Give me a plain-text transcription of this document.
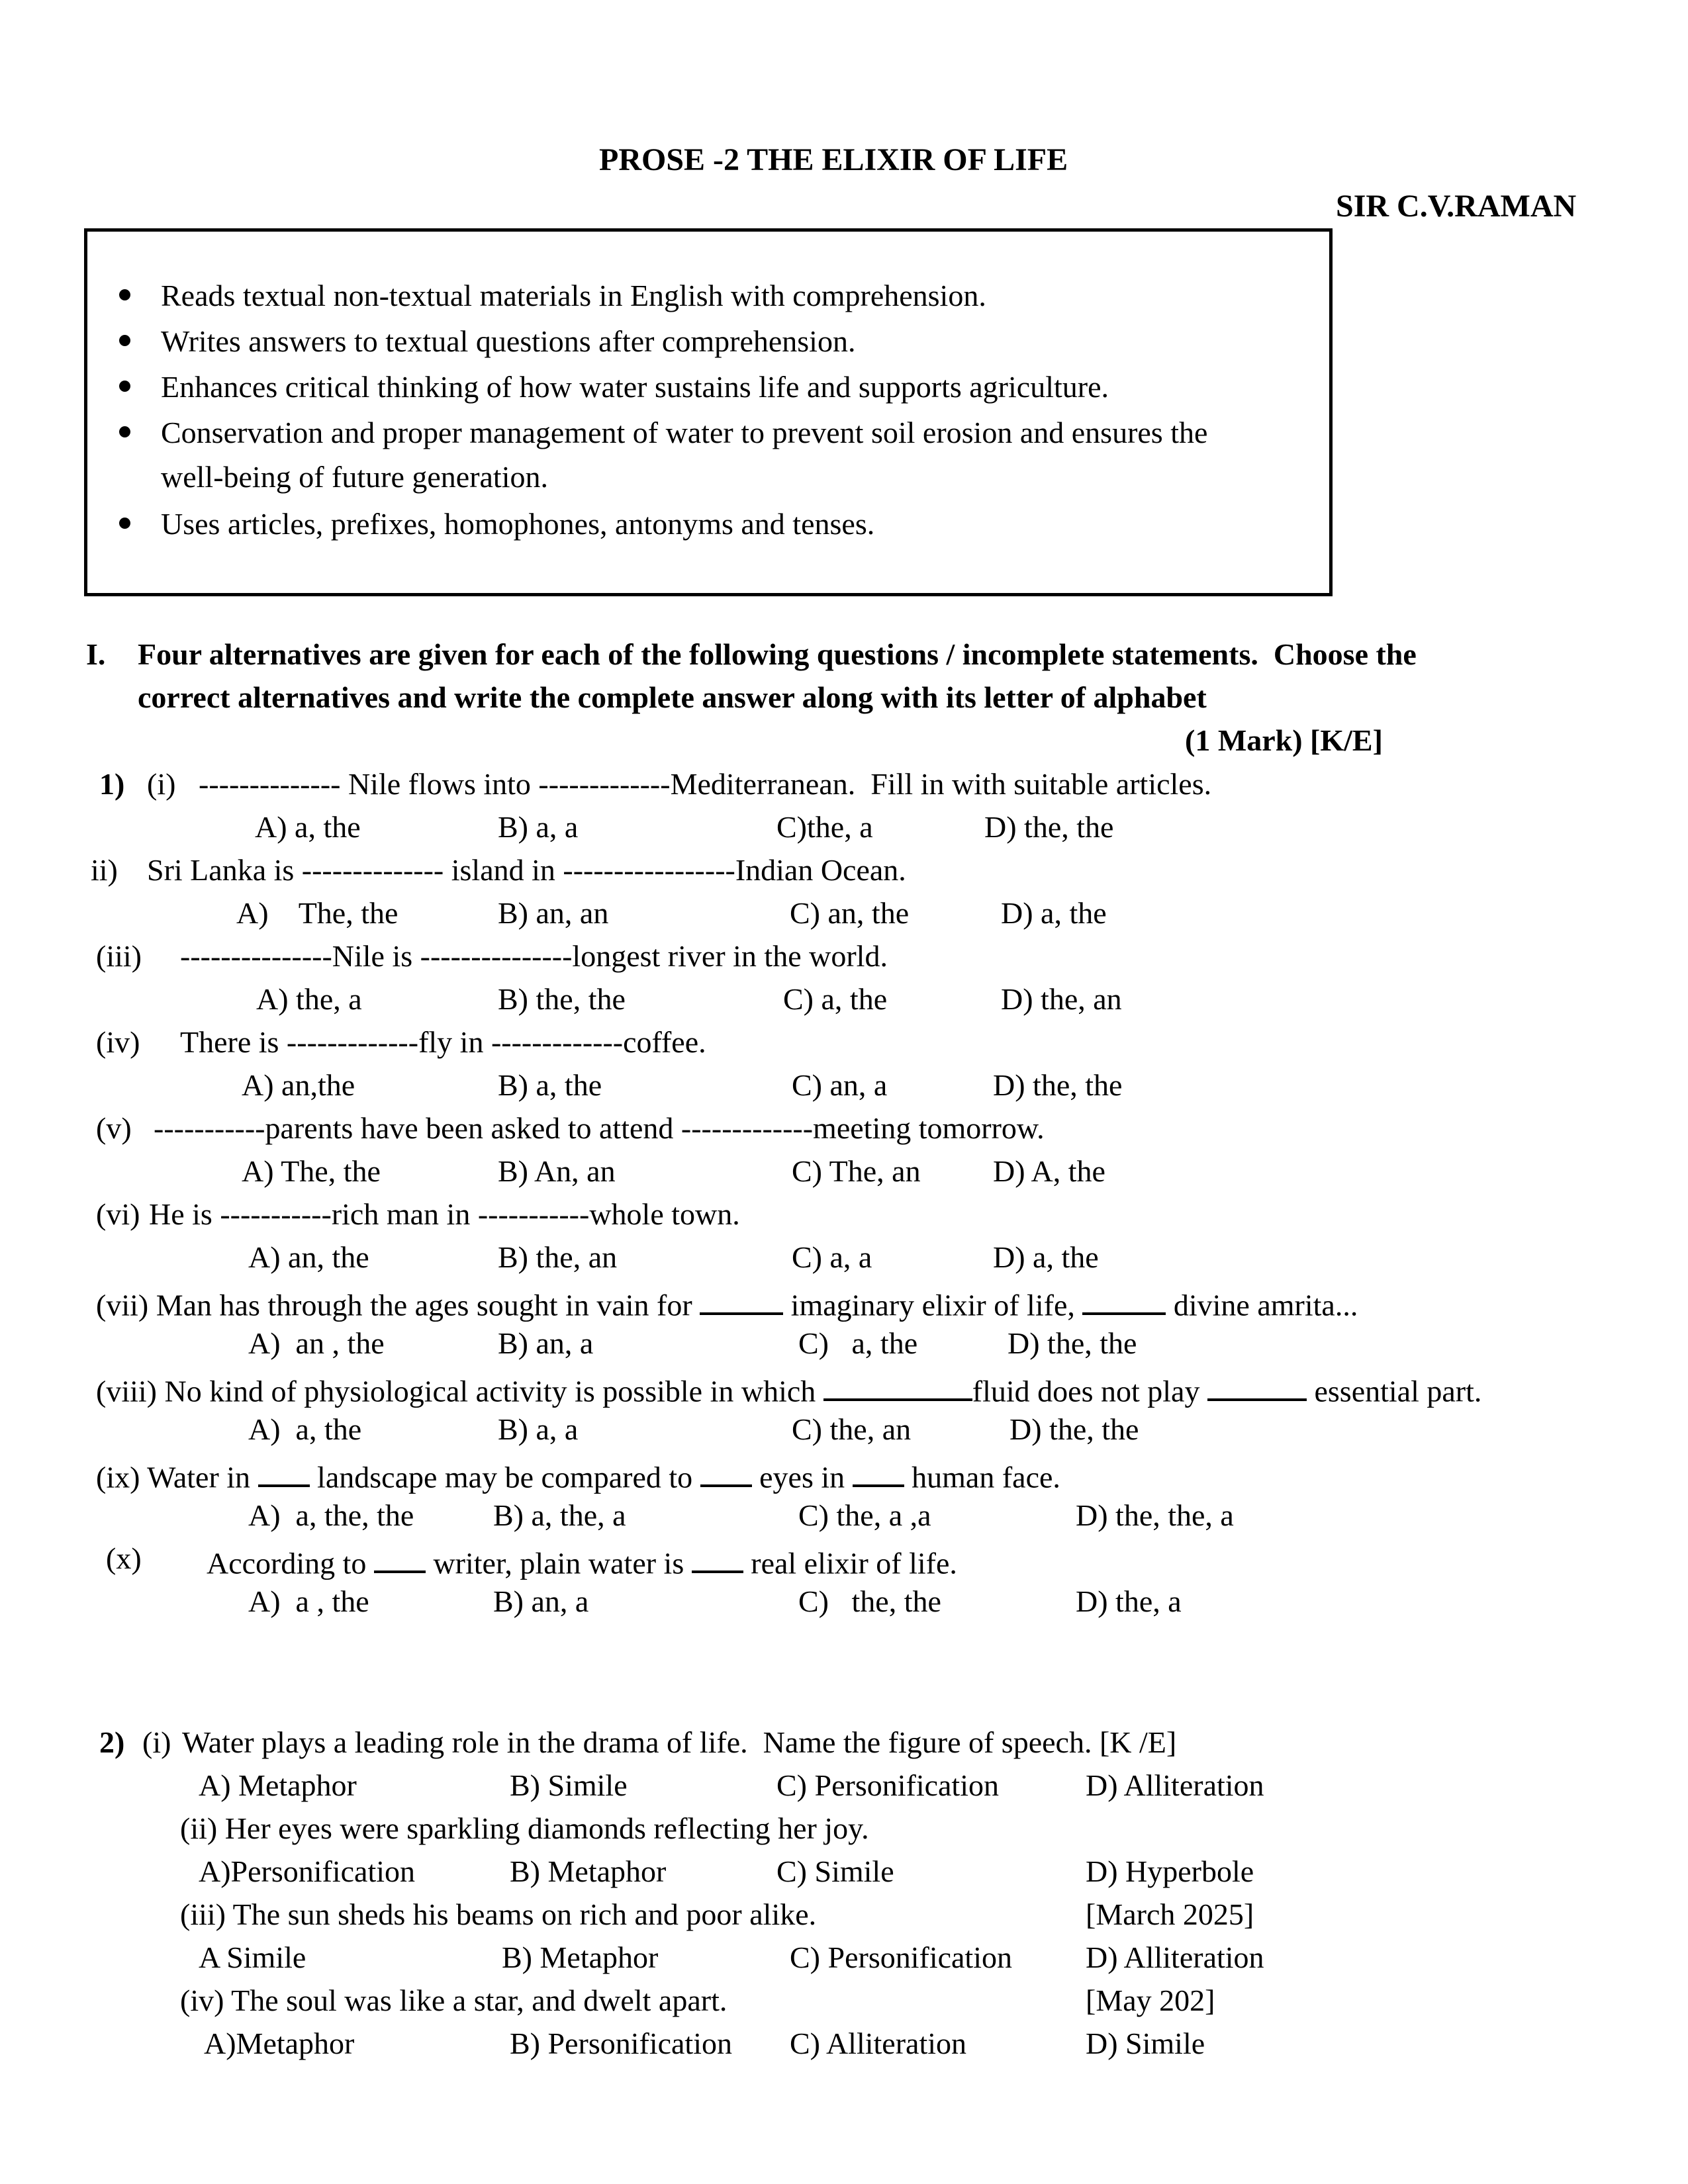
PROSE -2 THE ELIXIR OF LIFE
SIR C.V.RAMAN
Reads textual non-textual materials in English with comprehension.
Writes answers to textual questions after comprehension.
Enhances critical thinking of how water sustains life and supports agriculture.
Conservation and proper management of water to prevent soil erosion and ensures the
well-being of future generation.
Uses articles, prefixes, homophones, antonyms and tenses.
I. Four alternatives are given for each of the following questions / incomplete statements.  Choose the
correct alternatives and write the complete answer along with its letter of alphabet
(1 Mark) [K/E]
1) (i) -------------- Nile flows into -------------Mediterranean.  Fill in with suitable articles.
A) a, the	B) a, a	C)the, a	D) the, the
ii) Sri Lanka is -------------- island in -----------------Indian Ocean.
A)    The, the	B) an, an	C) an, the	D) a, the
(iii) ---------------Nile is ---------------longest river in the world.
A) the, a	B) the, the	C) a, the	D) the, an
(iv) There is -------------fly in -------------coffee.
A) an,the	B) a, the	C) an, a	D) the, the
(v) -----------parents have been asked to attend -------------meeting tomorrow.
A) The, the	B) An, an	C) The, an D) A, the
(vi) He is -----------rich man in -----------whole town.
A) an, the	B) the, an	C) a, a	D) a, the
(vii) Man has through the ages sought in vain for	imaginary elixir of life,	divine amrita...
A)  an , the	B) an, a	C)   a, the	D) the, the
(viii) No kind of physiological activity is possible in which	fluid does not play	essential part.
A)  a, the	B) a, a	C) the, an	D) the, the
(ix) Water in  landscape may be compared to  eyes in  human face.
A)  a, the, the	B) a, the, a	C) the, a ,a	D) the, the, a
(x) According to  writer, plain water is  real elixir of life.
A)  a , the	B) an, a	C)   the, the	D) the, a
2) (i) Water plays a leading role in the drama of life.  Name the figure of speech. [K /E]
A) Metaphor	B) Simile	C) Personification	D) Alliteration
(ii) Her eyes were sparkling diamonds reflecting her joy.
A)Personification	B) Metaphor	C) Simile	D) Hyperbole
(iii) The sun sheds his beams on rich and poor alike.	[March 2025]
A Simile	B) Metaphor	C) Personification D) Alliteration
(iv) The soul was like a star, and dwelt apart.	[May 202]
A)Metaphor	B) Personification C) Alliteration	D) Simile
